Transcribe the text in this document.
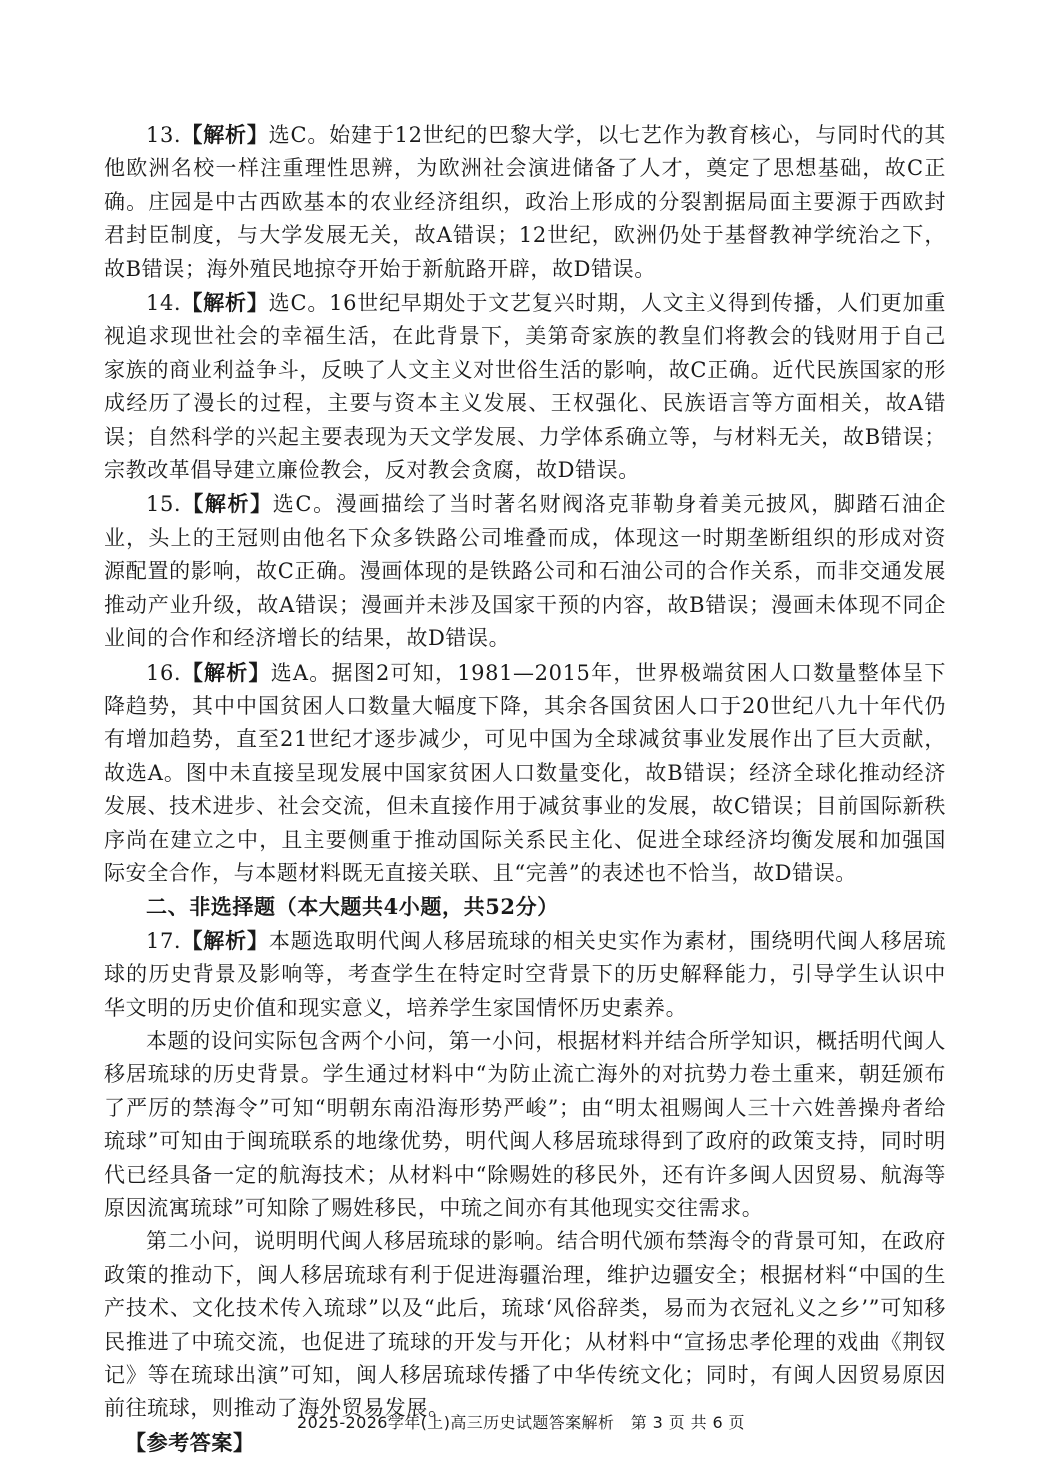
13.【解析】选C。始建于12世纪的巴黎大学，以七艺作为教育核心，与同时代的其他欧洲名校一样注重理性思辨，为欧洲社会演进储备了人才，奠定了思想基础，故C正确。庄园是中古西欧基本的农业经济组织，政治上形成的分裂割据局面主要源于西欧封君封臣制度，与大学发展无关，故A错误；12世纪，欧洲仍处于基督教神学统治之下，故B错误；海外殖民地掠夺开始于新航路开辟，故D错误。

14.【解析】选C。16世纪早期处于文艺复兴时期，人文主义得到传播，人们更加重视追求现世社会的幸福生活，在此背景下，美第奇家族的教皇们将教会的钱财用于自己家族的商业利益争斗，反映了人文主义对世俗生活的影响，故C正确。近代民族国家的形成经历了漫长的过程，主要与资本主义发展、王权强化、民族语言等方面相关，故A错误；自然科学的兴起主要表现为天文学发展、力学体系确立等，与材料无关，故B错误；宗教改革倡导建立廉俭教会，反对教会贪腐，故D错误。

15.【解析】选C。漫画描绘了当时著名财阀洛克菲勒身着美元披风，脚踏石油企业，头上的王冠则由他名下众多铁路公司堆叠而成，体现这一时期垄断组织的形成对资源配置的影响，故C正确。漫画体现的是铁路公司和石油公司的合作关系，而非交通发展推动产业升级，故A错误；漫画并未涉及国家干预的内容，故B错误；漫画未体现不同企业间的合作和经济增长的结果，故D错误。

16.【解析】选A。据图2可知，1981—2015年，世界极端贫困人口数量整体呈下降趋势，其中中国贫困人口数量大幅度下降，其余各国贫困人口于20世纪八九十年代仍有增加趋势，直至21世纪才逐步减少，可见中国为全球减贫事业发展作出了巨大贡献，故选A。图中未直接呈现发展中国家贫困人口数量变化，故B错误；经济全球化推动经济发展、技术进步、社会交流，但未直接作用于减贫事业的发展，故C错误；目前国际新秩序尚在建立之中，且主要侧重于推动国际关系民主化、促进全球经济均衡发展和加强国际安全合作，与本题材料既无直接关联、且“完善”的表述也不恰当，故D错误。

二、非选择题（本大题共4小题，共52分）

17.【解析】本题选取明代闽人移居琉球的相关史实作为素材，围绕明代闽人移居琉球的历史背景及影响等，考查学生在特定时空背景下的历史解释能力，引导学生认识中华文明的历史价值和现实意义，培养学生家国情怀历史素养。

本题的设问实际包含两个小问，第一小问，根据材料并结合所学知识，概括明代闽人移居琉球的历史背景。学生通过材料中“为防止流亡海外的对抗势力卷土重来，朝廷颁布了严厉的禁海令”可知“明朝东南沿海形势严峻”；由“明太祖赐闽人三十六姓善操舟者给琉球”可知由于闽琉联系的地缘优势，明代闽人移居琉球得到了政府的政策支持，同时明代已经具备一定的航海技术；从材料中“除赐姓的移民外，还有许多闽人因贸易、航海等原因流寓琉球”可知除了赐姓移民，中琉之间亦有其他现实交往需求。

第二小问，说明明代闽人移居琉球的影响。结合明代颁布禁海令的背景可知，在政府政策的推动下，闽人移居琉球有利于促进海疆治理，维护边疆安全；根据材料“中国的生产技术、文化技术传入琉球”以及“此后，琉球‘风俗辞类，易而为衣冠礼义之乡’”可知移民推进了中琉交流，也促进了琉球的开发与开化；从材料中“宣扬忠孝伦理的戏曲《荆钗记》等在琉球出演”可知，闽人移居琉球传播了中华传统文化；同时，有闽人因贸易原因前往琉球，则推动了海外贸易发展。

【参考答案】

2025-2026学年(上)高三历史试题答案解析　第 3 页 共 6 页
